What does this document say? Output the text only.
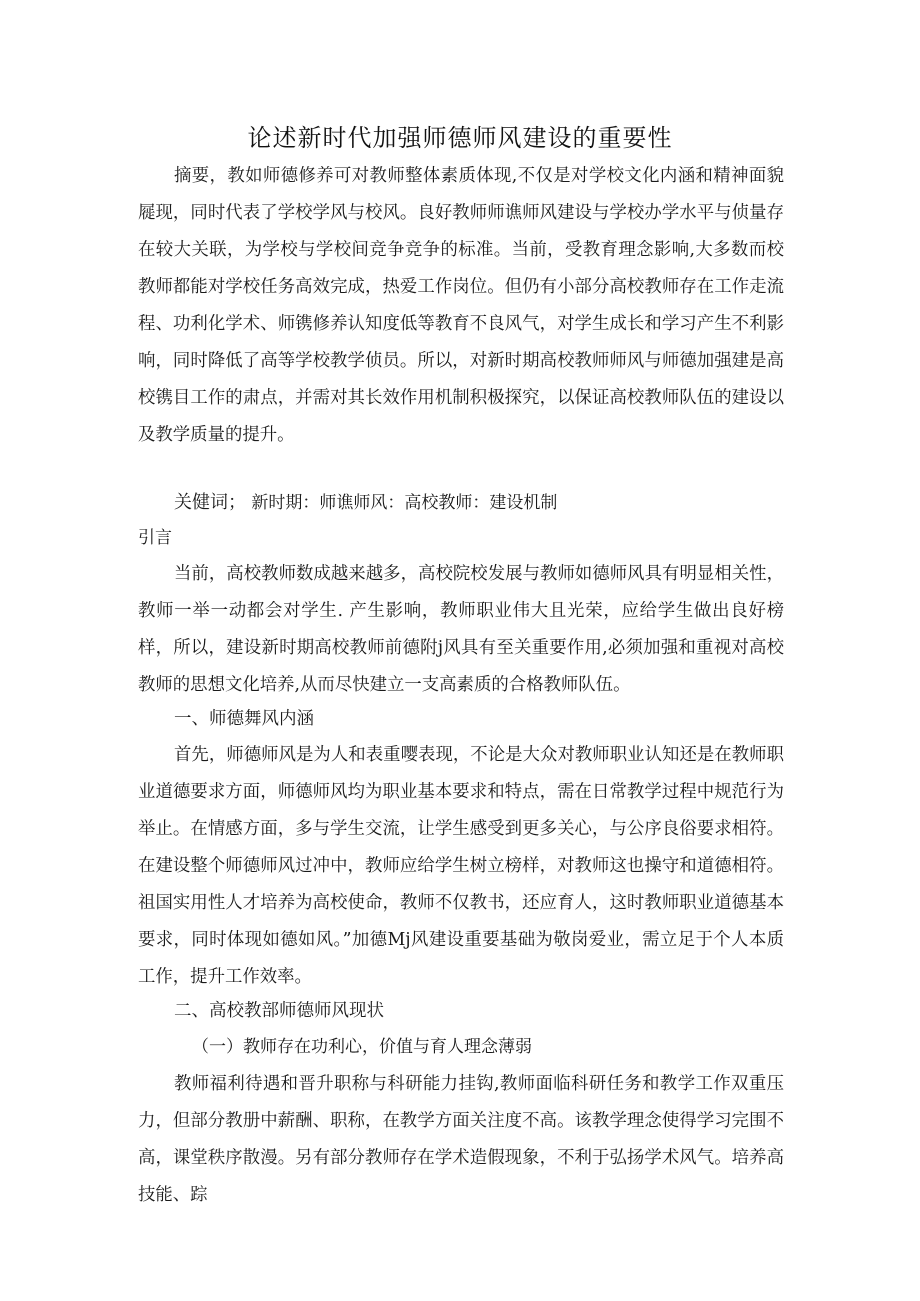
论述新时代加强师德师风建设的重要性
摘要，教如师德修养可对教师整体素质体现,不仅是对学校文化内涵和精神面貌屣现，同时代表了学校学风与校风。良好教师师谯师风建设与学校办学水平与侦量存在较大关联，为学校与学校间竞争竞争的标准。当前，受教育理念影响,大多数而校教师都能对学校任务高效完成，热爱工作岗位。但仍有小部分高校教师存在工作走流程、功利化学术、师镌修养认知度低等教育不良风气，对学生成长和学习产生不利影响，同时降低了高等学校教学侦员。所以，对新时期高校教师师风与师德加强建是高校镌目工作的肃点，并需对其长效作用机制积极探究，以保证高校教师队伍的建设以及教学质量的提升。
关健词； 新时期：师谯师风：高校教师：建设机制
引言
当前，高校教师数成越来越多，高校院校发展与教师如德师风具有明显相关性，教师一举一动都会对学生. 产生影响，教师职业伟大且光荣，应给学生做出良好榜样，所以，建设新时期高校教师前德附j风具有至关重要作用,必须加强和重视对高校教师的思想文化培养,从而尽快建立一支高素质的合格教师队伍。
一、师德舞风内涵
首先，师德师风是为人和表重嘤表现，不论是大众对教师职业认知还是在教师职业道德要求方面，师德师风均为职业基本要求和特点，需在日常教学过程中规范行为举止。在情感方面，多与学生交流，让学生感受到更多关心，与公序良俗要求相符。在建设整个师德师风过冲中，教师应给学生树立榜样，对教师这也操守和道德相符。祖国实用性人才培养为高校使命，教师不仅教书，还应育人，这时教师职业道德基本要求，同时体现如德如风。”加德Mj风建设重要基础为敬岗爱业，需立足于个人本质工作，提升工作效率。
二、高校教部师德师风现状
（一）教师存在功利心，价值与育人理念薄弱
教师福利待遇和晋升职称与科研能力挂钩,教师面临科研任务和教学工作双重压力，但部分教册中薪酬、职称，在教学方面关注度不高。该教学理念使得学习完围不高，课堂秩序散漫。另有部分教师存在学术造假现象，不利于弘扬学术风气。培养高技能、踪
